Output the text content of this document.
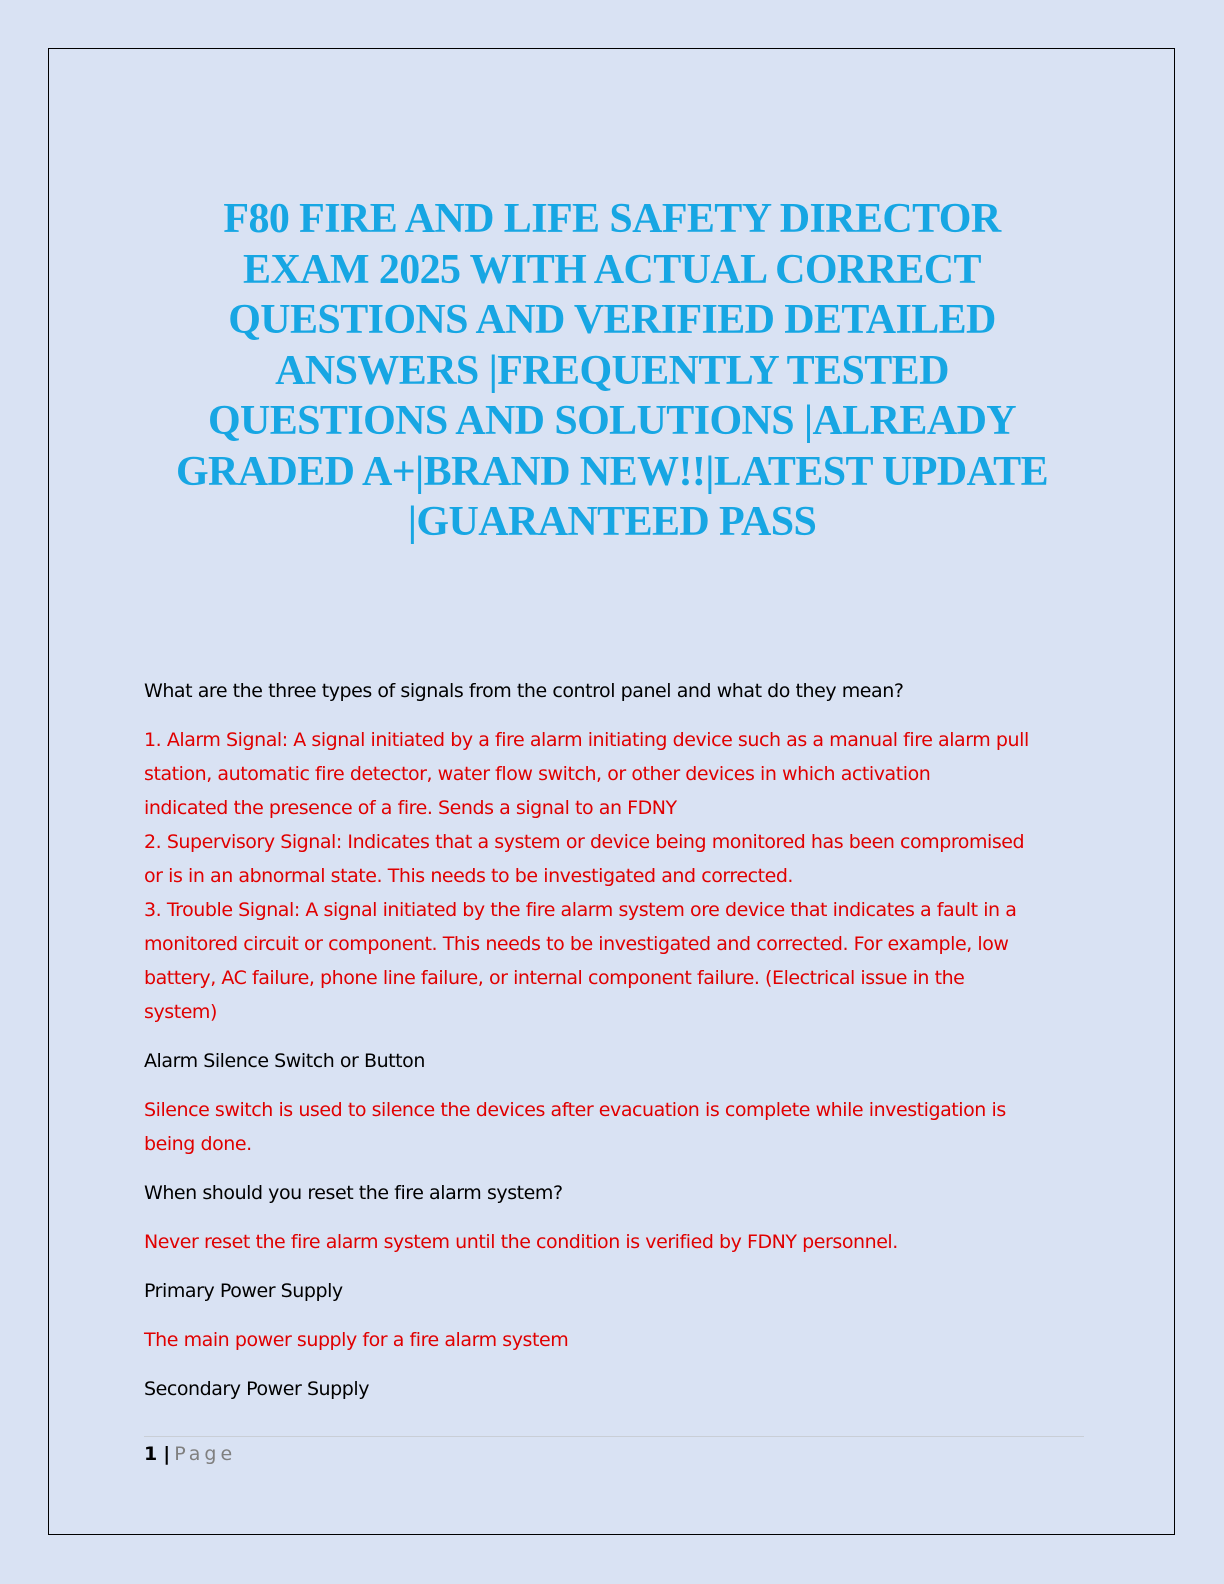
F80 FIRE AND LIFE SAFETY DIRECTOR
EXAM 2025 WITH ACTUAL CORRECT
QUESTIONS AND VERIFIED DETAILED
ANSWERS |FREQUENTLY TESTED
QUESTIONS AND SOLUTIONS |ALREADY
GRADED A+|BRAND NEW!!|LATEST UPDATE
|GUARANTEED PASS

What are the three types of signals from the control panel and what do they mean?

1. Alarm Signal: A signal initiated by a fire alarm initiating device such as a manual fire alarm pull
station, automatic fire detector, water flow switch, or other devices in which activation
indicated the presence of a fire. Sends a signal to an FDNY
2. Supervisory Signal: Indicates that a system or device being monitored has been compromised
or is in an abnormal state. This needs to be investigated and corrected.
3. Trouble Signal: A signal initiated by the fire alarm system ore device that indicates a fault in a
monitored circuit or component. This needs to be investigated and corrected. For example, low
battery, AC failure, phone line failure, or internal component failure. (Electrical issue in the
system)

Alarm Silence Switch or Button

Silence switch is used to silence the devices after evacuation is complete while investigation is
being done.

When should you reset the fire alarm system?

Never reset the fire alarm system until the condition is verified by FDNY personnel.

Primary Power Supply

The main power supply for a fire alarm system

Secondary Power Supply

1 | Page
